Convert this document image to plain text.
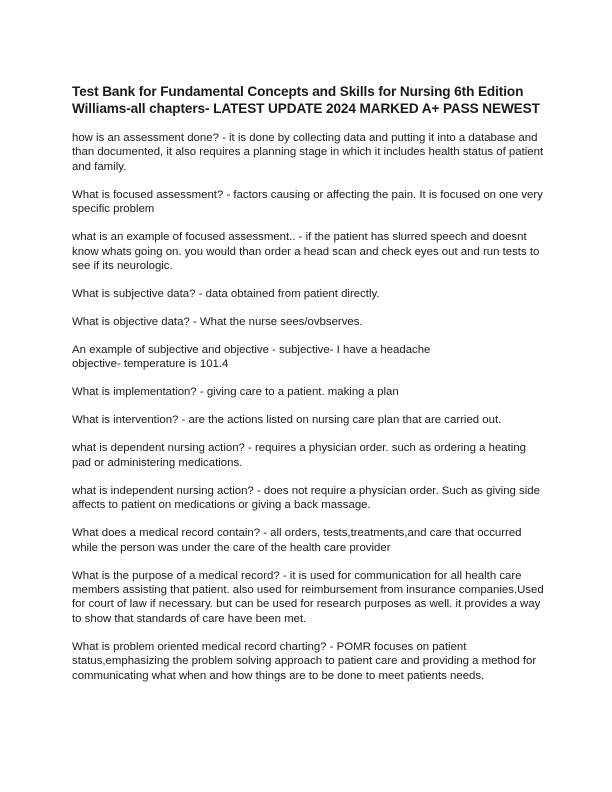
Test Bank for Fundamental Concepts and Skills for Nursing 6th Edition Williams-all chapters- LATEST UPDATE 2024 MARKED A+ PASS NEWEST

how is an assessment done? - it is done by collecting data and putting it into a database and than documented, it also requires a planning stage in which it includes health status of patient and family.

What is focused assessment? - factors causing or affecting the pain. It is focused on one very specific problem

what is an example of focused assessment.. - if the patient has slurred speech and doesnt know whats going on. you would than order a head scan and check eyes out and run tests to see if its neurologic.

What is subjective data? - data obtained from patient directly.

What is objective data? - What the nurse sees/ovbserves.

An example of subjective and objective - subjective- I have a headache
objective- temperature is 101.4

What is implementation? - giving care to a patient. making a plan

What is intervention? - are the actions listed on nursing care plan that are carried out.

what is dependent nursing action? - requires a physician order. such as ordering a heating pad or administering medications.

what is independent nursing action? - does not require a physician order. Such as giving side affects to patient on medications or giving a back massage.

What does a medical record contain? - all orders, tests,treatments,and care that occurred while the person was under the care of the health care provider

What is the purpose of a medical record? - it is used for communication for all health care members assisting that patient. also used for reimbursement from insurance companies.Used for court of law if necessary. but can be used for research purposes as well. it provides a way to show that standards of care have been met.

What is problem oriented medical record charting? - POMR focuses on patient status,emphasizing the problem solving approach to patient care and providing a method for communicating what when and how things are to be done to meet patients needs.
